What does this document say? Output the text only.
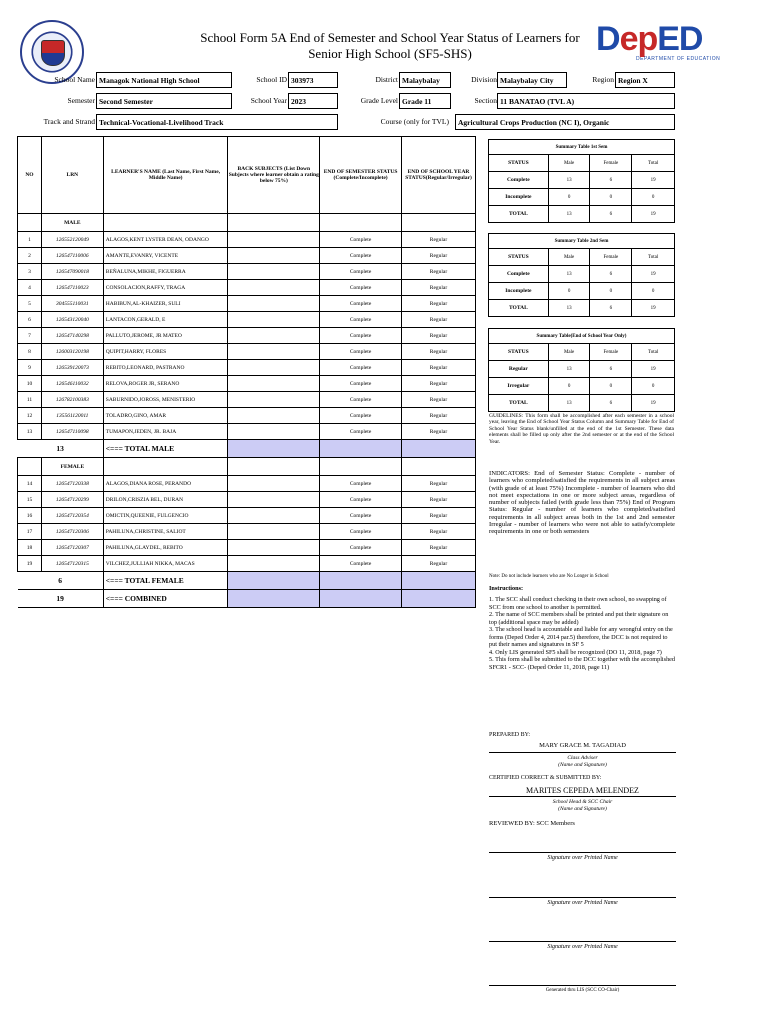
School Form 5A End of Semester and School Year Status of Learners for
Senior High School (SF5-SHS)	DepED
DEPARTMENT OF EDUCATION
School Name Managok National High School	School ID 303973	District Malaybalay	Division Malaybalay City	Region Region X
Semester Second Semester	School Year 2023	Grade Level Grade 11	Section 11 BANATAO (TVL A)
Track and Strand Technical-Vocational-Livelihood Track	Course (only for TVL)	Agricultural Crops Production (NC I), Organic
NO	LRN	LEARNER'S NAME (Last Name, First Name, Middle Name)	BACK SUBJECTS (List Down Subjects where learner obtain a rating below 75%)	END OF SEMESTER STATUS (Complete/Incomplete)	END OF SCHOOL YEAR STATUS(Regular/Irregular)
	MALE				
1	126552120049	ALAGOS,KENT LYSTER DEAN, ODANGO		Complete	Regular
2	126547110006	AMANTE,EVANRY, VICENTE		Complete	Regular
3	126547090018	BEÑALUNA,MIKHE, FIGUERRA		Complete	Regular
4	126547110023	CONSOLACION,RAFFY, TRAGA		Complete	Regular
5	304555110031	HABIBUN,AL-KHAIZER, SULI		Complete	Regular
6	126543120040	LANTACON,GERALD, E		Complete	Regular
7	126547140298	PALLUTO,JEROME, JR MATEO		Complete	Regular
8	126003120198	QUIPIT,HARRY, FLORES		Complete	Regular
9	126539120073	REBITO,LEONARD, PASTRANO		Complete	Regular
10	126546110032	RELOVA,ROGER JR, SERANO		Complete	Regular
11	126782100383	SABURNIDO,JOROSS, MENISTERIO		Complete	Regular
12	135561120011	TOLADRO,GINO, AMAR		Complete	Regular
13	126547110098	TUMAPON,JEDEN, JR. BAJA		Complete	Regular
13		<=== TOTAL MALE			
	FEMALE				
14	126547120338	ALAGOS,DIANA ROSE, PERANDO		Complete	Regular
15	126547120299	DRILON,CRISZIA BEL, DURAN		Complete	Regular
16	126547120354	OMICTIN,QUEENIE, FULGENCIO		Complete	Regular
17	126547120306	PAHILUNA,CHRISTINE, SALIOT		Complete	Regular
18	126547120307	PAHILUNA,GLAYDEL, REBITO		Complete	Regular
19	126547120315	VILCHEZ,JULLIAH NIKKA, MACAS		Complete	Regular
6		<=== TOTAL FEMALE			
19		<=== COMBINED			
Summary Table 1st Sem			
STATUS	Male	Female	Total
Complete	13	6	19
Incomplete	0	0	0
TOTAL	13	6	19
Summary Table 2nd Sem			
STATUS	Male	Female	Total
Complete	13	6	19
Incomplete	0	0	0
TOTAL	13	6	19
Summary Table(End of School Year Only)			
STATUS	Male	Female	Total
Regular	13	6	19
Irregular	0	0	0
TOTAL	13	6	19
GUIDELINES: This form shall be accomplished after each semester in a school year, leaving the End of School Year Status Column and Summary Table for End of School Year Status blank/unfilled at the end of the 1st Semester. These data elements shall be filled up only after the 2nd semester or at the end of the School Year.
INDICATORS: End of Semester Status: Complete - number of learners who completed/satisfied the requirements in all subject areas (with grade of at least 75%) Incomplete - number of learners who did not meet expectations in one or more subject areas, regardless of number of subjects failed (with grade less than 75%) End of Program Status: Regular - number of learners who completed/satisfied requirements in all subject areas both in the 1st and 2nd semester Irregular - number of learners who were not able to satisfy/complete requirements in one or both semesters
Note: Do not include learners who are No Longer in School
Instructions:
1. The SCC shall conduct checking in their own school, no swapping of SCC from one school to another is permitted.
2. The name of SCC members shall be printed and put their signature on top (additional space may be added)
3. The school head is accountable and liable for any wrongful entry on the forms (Deped Order 4, 2014 par.5) therefore, the DCC is not required to put their names and signatures in SF 5
4. Only LIS generated SF5 shall be recognized (DO 11, 2018, page 7)
5. This form shall be submitted to the DCC together with the accomplished SFCR1 - SCC- (Deped Order 11, 2018, page 11)
PREPARED BY:
MARY GRACE M. TAGADIAD
Class Adviser
(Name and Signature)
CERTIFIED CORRECT & SUBMITTED BY:
MARITES CEPEDA MELENDEZ
School Head & SCC Chair
(Name and Signature)
REVIEWED BY: SCC Members
Signature over Printed Name
Signature over Printed Name
Signature over Printed Name
Generated thru LIS (SCC CO-Chair)
